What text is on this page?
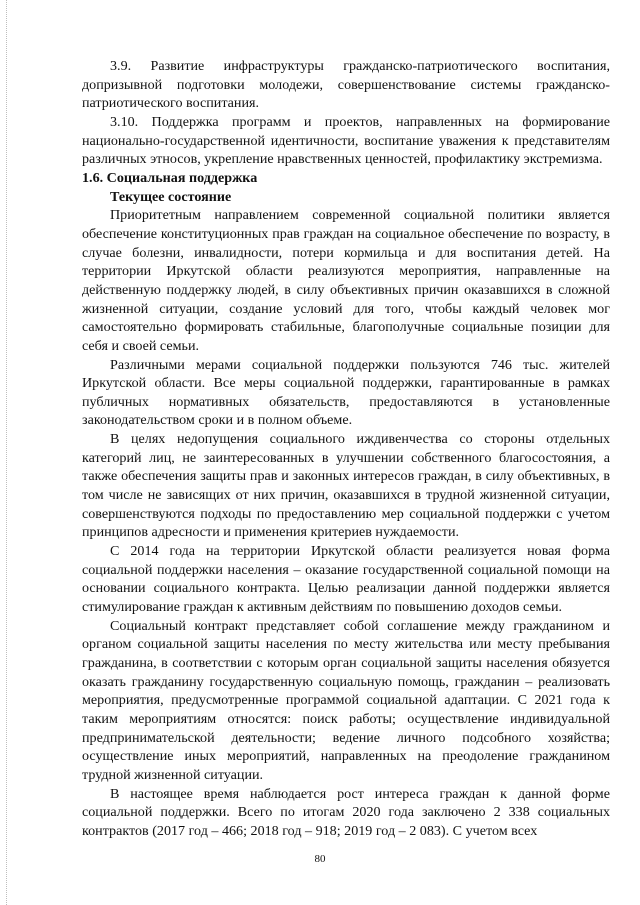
3.9. Развитие инфраструктуры гражданско-патриотического воспитания, допризывной подготовки молодежи, совершенствование системы гражданско-патриотического воспитания.

3.10. Поддержка программ и проектов, направленных на формирование национально-государственной идентичности, воспитание уважения к представителям различных этносов, укрепление нравственных ценностей, профилактику экстремизма.

1.6. Социальная поддержка
Текущее состояние

Приоритетным направлением современной социальной политики является обеспечение конституционных прав граждан на социальное обеспечение по возрасту, в случае болезни, инвалидности, потери кормильца и для воспитания детей. На территории Иркутской области реализуются мероприятия, направленные на действенную поддержку людей, в силу объективных причин оказавшихся в сложной жизненной ситуации, создание условий для того, чтобы каждый человек мог самостоятельно формировать стабильные, благополучные социальные позиции для себя и своей семьи.

Различными мерами социальной поддержки пользуются 746 тыс. жителей Иркутской области. Все меры социальной поддержки, гарантированные в рамках публичных нормативных обязательств, предоставляются в установленные законодательством сроки и в полном объеме.

В целях недопущения социального иждивенчества со стороны отдельных категорий лиц, не заинтересованных в улучшении собственного благосостояния, а также обеспечения защиты прав и законных интересов граждан, в силу объективных, в том числе не зависящих от них причин, оказавшихся в трудной жизненной ситуации, совершенствуются подходы по предоставлению мер социальной поддержки с учетом принципов адресности и применения критериев нуждаемости.

С 2014 года на территории Иркутской области реализуется новая форма социальной поддержки населения – оказание государственной социальной помощи на основании социального контракта. Целью реализации данной поддержки является стимулирование граждан к активным действиям по повышению доходов семьи.

Социальный контракт представляет собой соглашение между гражданином и органом социальной защиты населения по месту жительства или месту пребывания гражданина, в соответствии с которым орган социальной защиты населения обязуется оказать гражданину государственную социальную помощь, гражданин – реализовать мероприятия, предусмотренные программой социальной адаптации. С 2021 года к таким мероприятиям относятся: поиск работы; осуществление индивидуальной предпринимательской деятельности; ведение личного подсобного хозяйства; осуществление иных мероприятий, направленных на преодоление гражданином трудной жизненной ситуации.

В настоящее время наблюдается рост интереса граждан к данной форме социальной поддержки. Всего по итогам 2020 года заключено 2 338 социальных контрактов (2017 год – 466; 2018 год – 918; 2019 год – 2 083). С учетом всех

80
